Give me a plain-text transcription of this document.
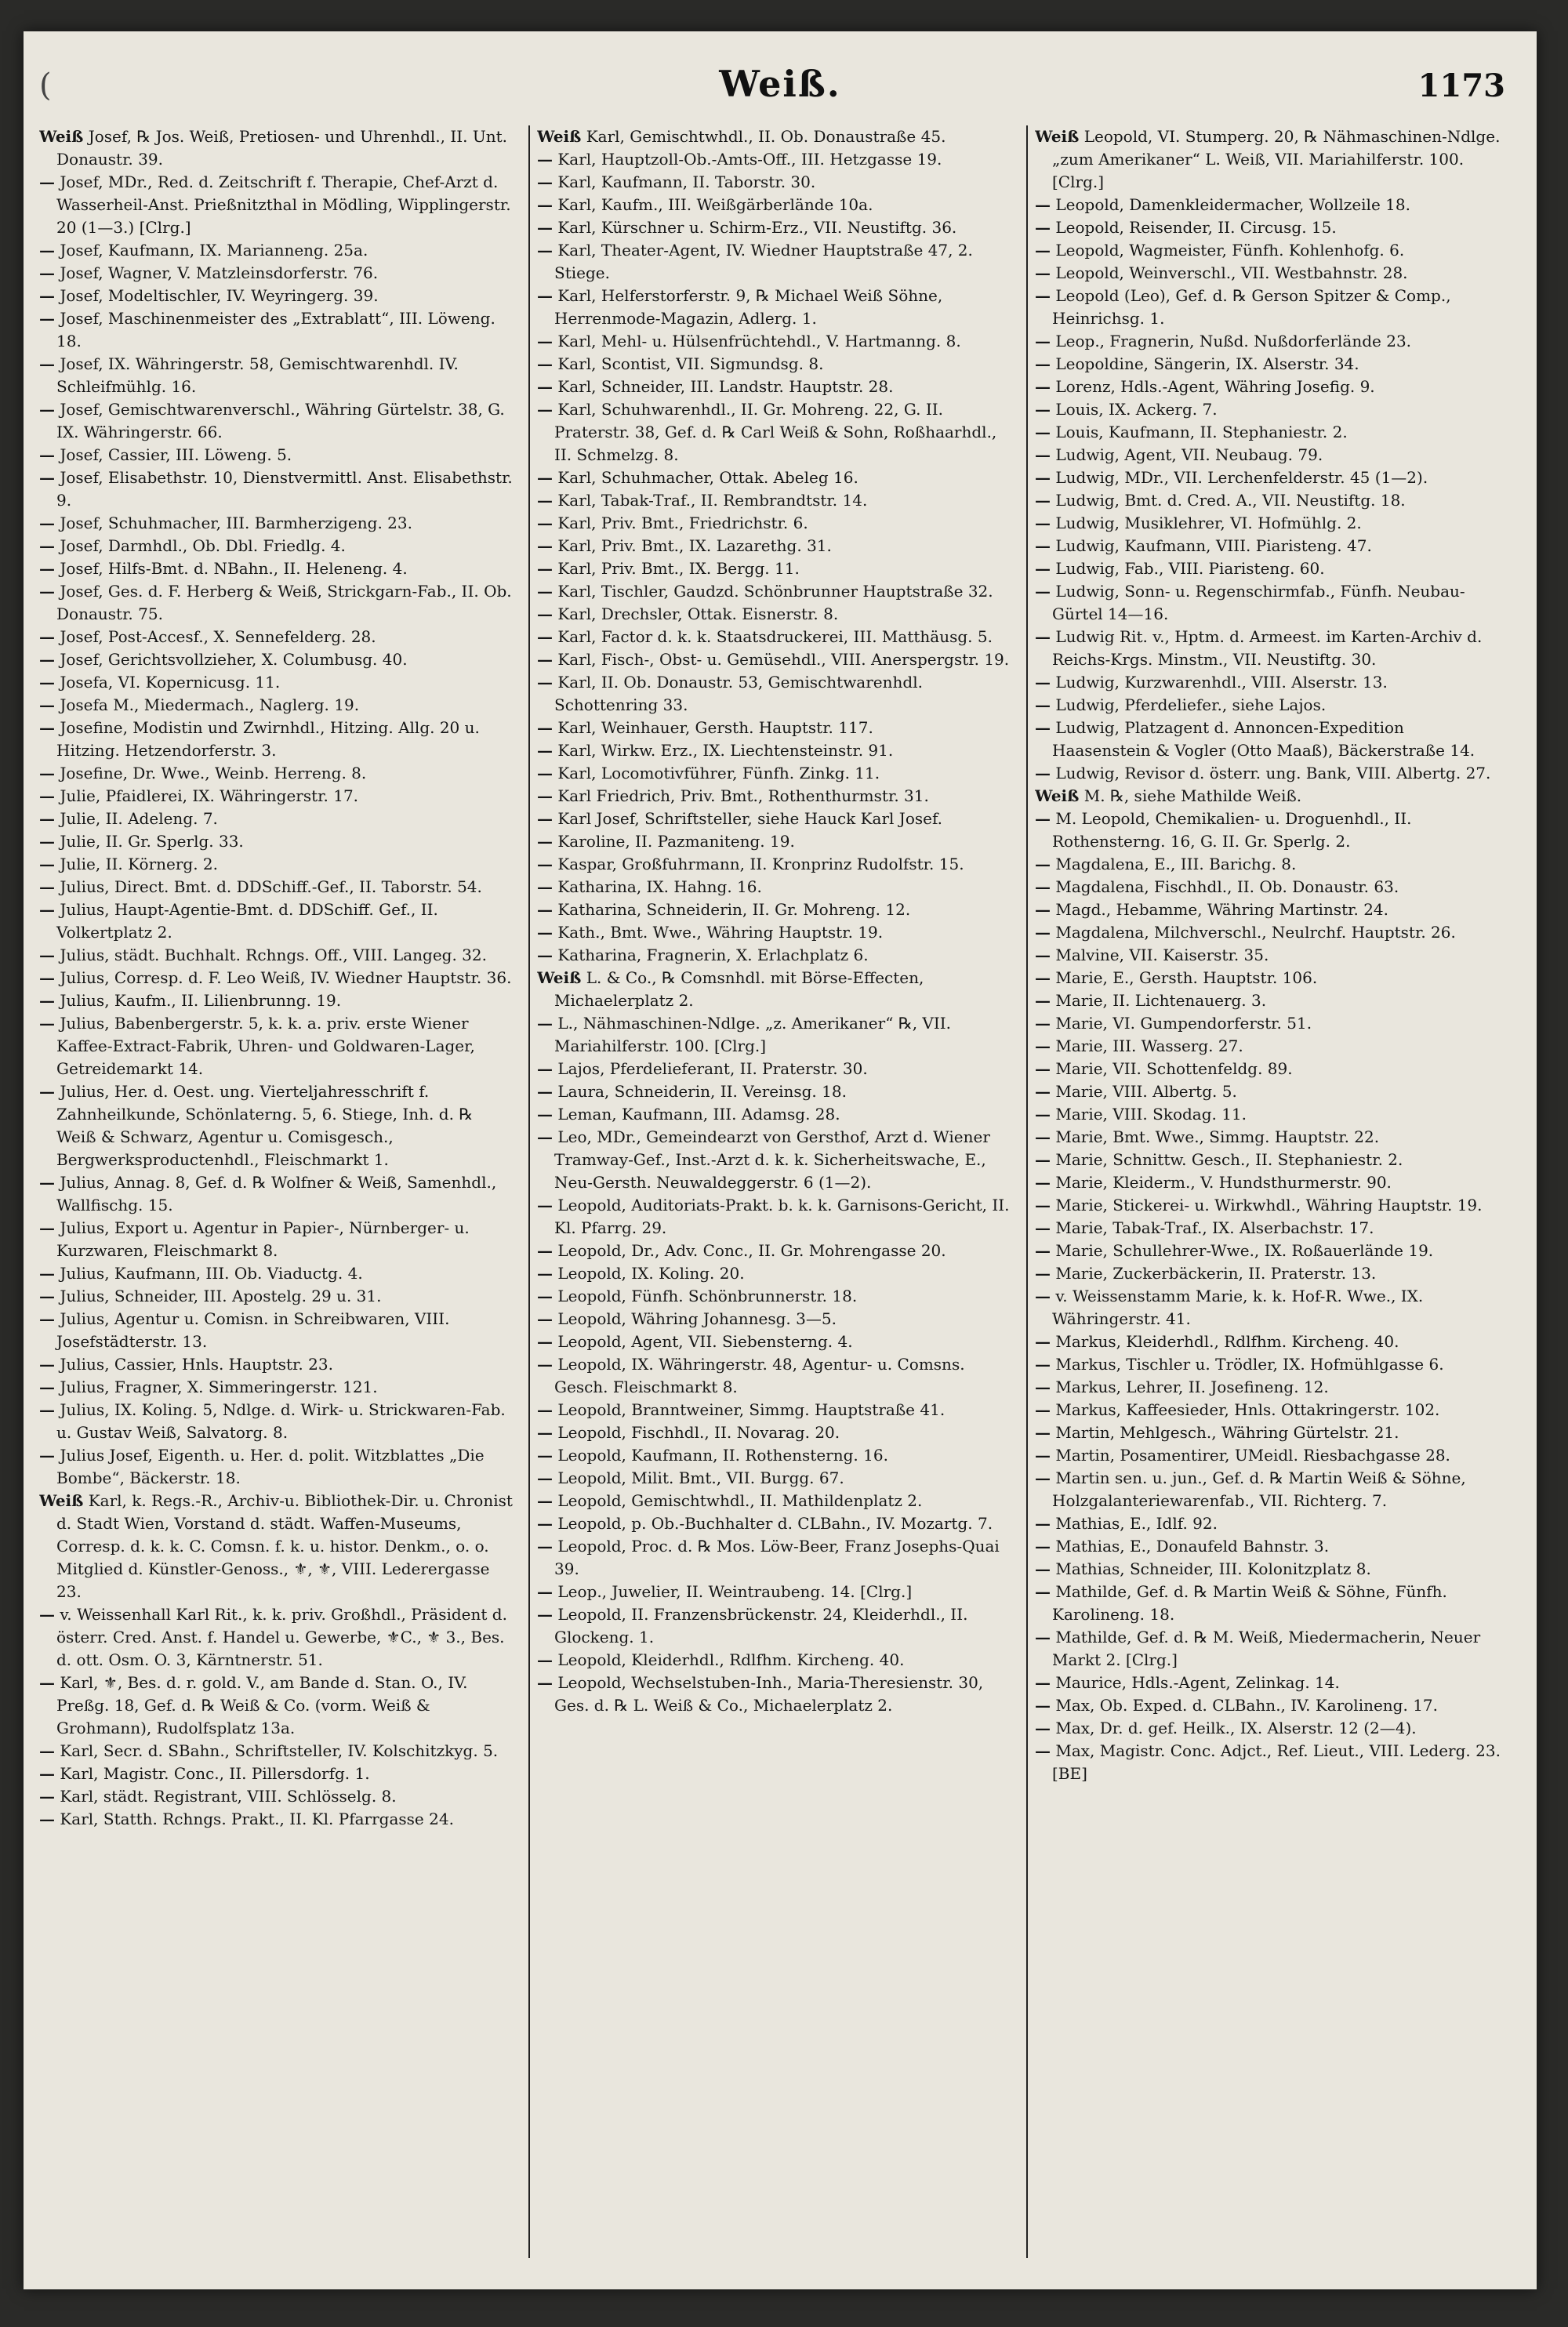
(	Weiß.	1173

Weiß Josef, ℞ Jos. Weiß, Pretiosen- und Uhrenhdl., II. Unt. Donaustr. 39.

— Josef, MDr., Red. d. Zeitschrift f. Therapie, Chef-Arzt d. Wasserheil-Anst. Prießnitzthal in Mödling, Wipplingerstr. 20 (1—3.) [Clrg.]

— Josef, Kaufmann, IX. Marianneng. 25a.

— Josef, Wagner, V. Matzleinsdorferstr. 76.

— Josef, Modeltischler, IV. Weyringerg. 39.

— Josef, Maschinenmeister des „Extrablatt“, III. Löweng. 18.

— Josef, IX. Währingerstr. 58, Gemischtwarenhdl. IV. Schleifmühlg. 16.

— Josef, Gemischtwarenverschl., Währing Gürtelstr. 38, G. IX. Währingerstr. 66.

— Josef, Cassier, III. Löweng. 5.

— Josef, Elisabethstr. 10, Dienstvermittl. Anst. Elisabethstr. 9.

— Josef, Schuhmacher, III. Barmherzigeng. 23.

— Josef, Darmhdl., Ob. Dbl. Friedlg. 4.

— Josef, Hilfs-Bmt. d. NBahn., II. Heleneng. 4.

— Josef, Ges. d. F. Herberg & Weiß, Strickgarn-Fab., II. Ob. Donaustr. 75.

— Josef, Post-Accesf., X. Sennefelderg. 28.

— Josef, Gerichtsvollzieher, X. Columbusg. 40.

— Josefa, VI. Kopernicusg. 11.

— Josefa M., Miedermach., Naglerg. 19.

— Josefine, Modistin und Zwirnhdl., Hitzing. Allg. 20 u. Hitzing. Hetzendorferstr. 3.

— Josefine, Dr. Wwe., Weinb. Herreng. 8.

— Julie, Pfaidlerei, IX. Währingerstr. 17.

— Julie, II. Adeleng. 7.

— Julie, II. Gr. Sperlg. 33.

— Julie, II. Körnerg. 2.

— Julius, Direct. Bmt. d. DDSchiff.-Gef., II. Taborstr. 54.

— Julius, Haupt-Agentie-Bmt. d. DDSchiff. Gef., II. Volkertplatz 2.

— Julius, städt. Buchhalt. Rchngs. Off., VIII. Langeg. 32.

— Julius, Corresp. d. F. Leo Weiß, IV. Wiedner Hauptstr. 36.

— Julius, Kaufm., II. Lilienbrunng. 19.

— Julius, Babenbergerstr. 5, k. k. a. priv. erste Wiener Kaffee-Extract-Fabrik, Uhren- und Goldwaren-Lager, Getreidemarkt 14.

— Julius, Her. d. Oest. ung. Vierteljahresschrift f. Zahnheilkunde, Schönlaterng. 5, 6. Stiege, Inh. d. ℞ Weiß & Schwarz, Agentur u. Comisgesch., Bergwerksproductenhdl., Fleischmarkt 1.

— Julius, Annag. 8, Gef. d. ℞ Wolfner & Weiß, Samenhdl., Wallfischg. 15.

— Julius, Export u. Agentur in Papier-, Nürnberger- u. Kurzwaren, Fleischmarkt 8.

— Julius, Kaufmann, III. Ob. Viaductg. 4.

— Julius, Schneider, III. Apostelg. 29 u. 31.

— Julius, Agentur u. Comisn. in Schreibwaren, VIII. Josefstädterstr. 13.

— Julius, Cassier, Hnls. Hauptstr. 23.

— Julius, Fragner, X. Simmeringerstr. 121.

— Julius, IX. Koling. 5, Ndlge. d. Wirk- u. Strickwaren-Fab. u. Gustav Weiß, Salvatorg. 8.

— Julius Josef, Eigenth. u. Her. d. polit. Witzblattes „Die Bombe“, Bäckerstr. 18.

Weiß Karl, k. Regs.-R., Archiv-u. Bibliothek-Dir. u. Chronist d. Stadt Wien, Vorstand d. städt. Waffen-Museums, Corresp. d. k. k. C. Comsn. f. k. u. histor. Denkm., o. o. Mitglied d. Künstler-Genoss., ⚜, ⚜, VIII. Lederergasse 23.

— v. Weissenhall Karl Rit., k. k. priv. Großhdl., Präsident d. österr. Cred. Anst. f. Handel u. Gewerbe, ⚜C., ⚜ 3., Bes. d. ott. Osm. O. 3, Kärntnerstr. 51.

— Karl, ⚜, Bes. d. r. gold. V., am Bande d. Stan. O., IV. Preßg. 18, Gef. d. ℞ Weiß & Co. (vorm. Weiß & Grohmann), Rudolfsplatz 13a.

— Karl, Secr. d. SBahn., Schriftsteller, IV. Kolschitzkyg. 5.

— Karl, Magistr. Conc., II. Pillersdorfg. 1.

— Karl, städt. Registrant, VIII. Schlösselg. 8.

— Karl, Statth. Rchngs. Prakt., II. Kl. Pfarrgasse 24.

Weiß Karl, Gemischtwhdl., II. Ob. Donaustraße 45.

— Karl, Hauptzoll-Ob.-Amts-Off., III. Hetzgasse 19.

— Karl, Kaufmann, II. Taborstr. 30.

— Karl, Kaufm., III. Weißgärberlände 10a.

— Karl, Kürschner u. Schirm-Erz., VII. Neustiftg. 36.

— Karl, Theater-Agent, IV. Wiedner Hauptstraße 47, 2. Stiege.

— Karl, Helferstorferstr. 9, ℞ Michael Weiß Söhne, Herrenmode-Magazin, Adlerg. 1.

— Karl, Mehl- u. Hülsenfrüchtehdl., V. Hartmanng. 8.

— Karl, Scontist, VII. Sigmundsg. 8.

— Karl, Schneider, III. Landstr. Hauptstr. 28.

— Karl, Schuhwarenhdl., II. Gr. Mohreng. 22, G. II. Praterstr. 38, Gef. d. ℞ Carl Weiß & Sohn, Roßhaarhdl., II. Schmelzg. 8.

— Karl, Schuhmacher, Ottak. Abeleg 16.

— Karl, Tabak-Traf., II. Rembrandtstr. 14.

— Karl, Priv. Bmt., Friedrichstr. 6.

— Karl, Priv. Bmt., IX. Lazarethg. 31.

— Karl, Priv. Bmt., IX. Bergg. 11.

— Karl, Tischler, Gaudzd. Schönbrunner Hauptstraße 32.

— Karl, Drechsler, Ottak. Eisnerstr. 8.

— Karl, Factor d. k. k. Staatsdruckerei, III. Matthäusg. 5.

— Karl, Fisch-, Obst- u. Gemüsehdl., VIII. Anerspergstr. 19.

— Karl, II. Ob. Donaustr. 53, Gemischtwarenhdl. Schottenring 33.

— Karl, Weinhauer, Gersth. Hauptstr. 117.

— Karl, Wirkw. Erz., IX. Liechtensteinstr. 91.

— Karl, Locomotivführer, Fünfh. Zinkg. 11.

— Karl Friedrich, Priv. Bmt., Rothenthurmstr. 31.

— Karl Josef, Schriftsteller, siehe Hauck Karl Josef.

— Karoline, II. Pazmaniteng. 19.

— Kaspar, Großfuhrmann, II. Kronprinz Rudolfstr. 15.

— Katharina, IX. Hahng. 16.

— Katharina, Schneiderin, II. Gr. Mohreng. 12.

— Kath., Bmt. Wwe., Währing Hauptstr. 19.

— Katharina, Fragnerin, X. Erlachplatz 6.

Weiß L. & Co., ℞ Comsnhdl. mit Börse-Effecten, Michaelerplatz 2.

— L., Nähmaschinen-Ndlge. „z. Amerikaner“ ℞, VII. Mariahilferstr. 100. [Clrg.]

— Lajos, Pferdelieferant, II. Praterstr. 30.

— Laura, Schneiderin, II. Vereinsg. 18.

— Leman, Kaufmann, III. Adamsg. 28.

— Leo, MDr., Gemeindearzt von Gersthof, Arzt d. Wiener Tramway-Gef., Inst.-Arzt d. k. k. Sicherheitswache, E., Neu-Gersth. Neuwaldeggerstr. 6 (1—2).

— Leopold, Auditoriats-Prakt. b. k. k. Garnisons-Gericht, II. Kl. Pfarrg. 29.

— Leopold, Dr., Adv. Conc., II. Gr. Mohrengasse 20.

— Leopold, IX. Koling. 20.

— Leopold, Fünfh. Schönbrunnerstr. 18.

— Leopold, Währing Johannesg. 3—5.

— Leopold, Agent, VII. Siebensterng. 4.

— Leopold, IX. Währingerstr. 48, Agentur- u. Comsns. Gesch. Fleischmarkt 8.

— Leopold, Branntweiner, Simmg. Hauptstraße 41.

— Leopold, Fischhdl., II. Novarag. 20.

— Leopold, Kaufmann, II. Rothensterng. 16.

— Leopold, Milit. Bmt., VII. Burgg. 67.

— Leopold, Gemischtwhdl., II. Mathildenplatz 2.

— Leopold, p. Ob.-Buchhalter d. CLBahn., IV. Mozartg. 7.

— Leopold, Proc. d. ℞ Mos. Löw-Beer, Franz Josephs-Quai 39.

— Leop., Juwelier, II. Weintraubeng. 14. [Clrg.]

— Leopold, II. Franzensbrückenstr. 24, Kleiderhdl., II. Glockeng. 1.

— Leopold, Kleiderhdl., Rdlfhm. Kircheng. 40.

— Leopold, Wechselstuben-Inh., Maria-Theresienstr. 30, Ges. d. ℞ L. Weiß & Co., Michaelerplatz 2.

Weiß Leopold, VI. Stumperg. 20, ℞ Nähmaschinen-Ndlge. „zum Amerikaner“ L. Weiß, VII. Mariahilferstr. 100. [Clrg.]

— Leopold, Damenkleidermacher, Wollzeile 18.

— Leopold, Reisender, II. Circusg. 15.

— Leopold, Wagmeister, Fünfh. Kohlenhofg. 6.

— Leopold, Weinverschl., VII. Westbahnstr. 28.

— Leopold (Leo), Gef. d. ℞ Gerson Spitzer & Comp., Heinrichsg. 1.

— Leop., Fragnerin, Nußd. Nußdorferlände 23.

— Leopoldine, Sängerin, IX. Alserstr. 34.

— Lorenz, Hdls.-Agent, Währing Josefig. 9.

— Louis, IX. Ackerg. 7.

— Louis, Kaufmann, II. Stephaniestr. 2.

— Ludwig, Agent, VII. Neubaug. 79.

— Ludwig, MDr., VII. Lerchenfelderstr. 45 (1—2).

— Ludwig, Bmt. d. Cred. A., VII. Neustiftg. 18.

— Ludwig, Musiklehrer, VI. Hofmühlg. 2.

— Ludwig, Kaufmann, VIII. Piaristeng. 47.

— Ludwig, Fab., VIII. Piaristeng. 60.

— Ludwig, Sonn- u. Regenschirmfab., Fünfh. Neubau-Gürtel 14—16.

— Ludwig Rit. v., Hptm. d. Armeest. im Karten-Archiv d. Reichs-Krgs. Minstm., VII. Neustiftg. 30.

— Ludwig, Kurzwarenhdl., VIII. Alserstr. 13.

— Ludwig, Pferdeliefer., siehe Lajos.

— Ludwig, Platzagent d. Annoncen-Expedition Haasenstein & Vogler (Otto Maaß), Bäckerstraße 14.

— Ludwig, Revisor d. österr. ung. Bank, VIII. Albertg. 27.

Weiß M. ℞, siehe Mathilde Weiß.

— M. Leopold, Chemikalien- u. Droguenhdl., II. Rothensterng. 16, G. II. Gr. Sperlg. 2.

— Magdalena, E., III. Barichg. 8.

— Magdalena, Fischhdl., II. Ob. Donaustr. 63.

— Magd., Hebamme, Währing Martinstr. 24.

— Magdalena, Milchverschl., Neulrchf. Hauptstr. 26.

— Malvine, VII. Kaiserstr. 35.

— Marie, E., Gersth. Hauptstr. 106.

— Marie, II. Lichtenauerg. 3.

— Marie, VI. Gumpendorferstr. 51.

— Marie, III. Wasserg. 27.

— Marie, VII. Schottenfeldg. 89.

— Marie, VIII. Albertg. 5.

— Marie, VIII. Skodag. 11.

— Marie, Bmt. Wwe., Simmg. Hauptstr. 22.

— Marie, Schnittw. Gesch., II. Stephaniestr. 2.

— Marie, Kleiderm., V. Hundsthurmerstr. 90.

— Marie, Stickerei- u. Wirkwhdl., Währing Hauptstr. 19.

— Marie, Tabak-Traf., IX. Alserbachstr. 17.

— Marie, Schullehrer-Wwe., IX. Roßauerlände 19.

— Marie, Zuckerbäckerin, II. Praterstr. 13.

— v. Weissenstamm Marie, k. k. Hof-R. Wwe., IX. Währingerstr. 41.

— Markus, Kleiderhdl., Rdlfhm. Kircheng. 40.

— Markus, Tischler u. Trödler, IX. Hofmühlgasse 6.

— Markus, Lehrer, II. Josefineng. 12.

— Markus, Kaffeesieder, Hnls. Ottakringerstr. 102.

— Martin, Mehlgesch., Währing Gürtelstr. 21.

— Martin, Posamentirer, UMeidl. Riesbachgasse 28.

— Martin sen. u. jun., Gef. d. ℞ Martin Weiß & Söhne, Holzgalanteriewarenfab., VII. Richterg. 7.

— Mathias, E., Idlf. 92.

— Mathias, E., Donaufeld Bahnstr. 3.

— Mathias, Schneider, III. Kolonitzplatz 8.

— Mathilde, Gef. d. ℞ Martin Weiß & Söhne, Fünfh. Karolineng. 18.

— Mathilde, Gef. d. ℞ M. Weiß, Miedermacherin, Neuer Markt 2. [Clrg.]

— Maurice, Hdls.-Agent, Zelinkag. 14.

— Max, Ob. Exped. d. CLBahn., IV. Karolineng. 17.

— Max, Dr. d. gef. Heilk., IX. Alserstr. 12 (2—4).

— Max, Magistr. Conc. Adjct., Ref. Lieut., VIII. Lederg. 23. [BE]
